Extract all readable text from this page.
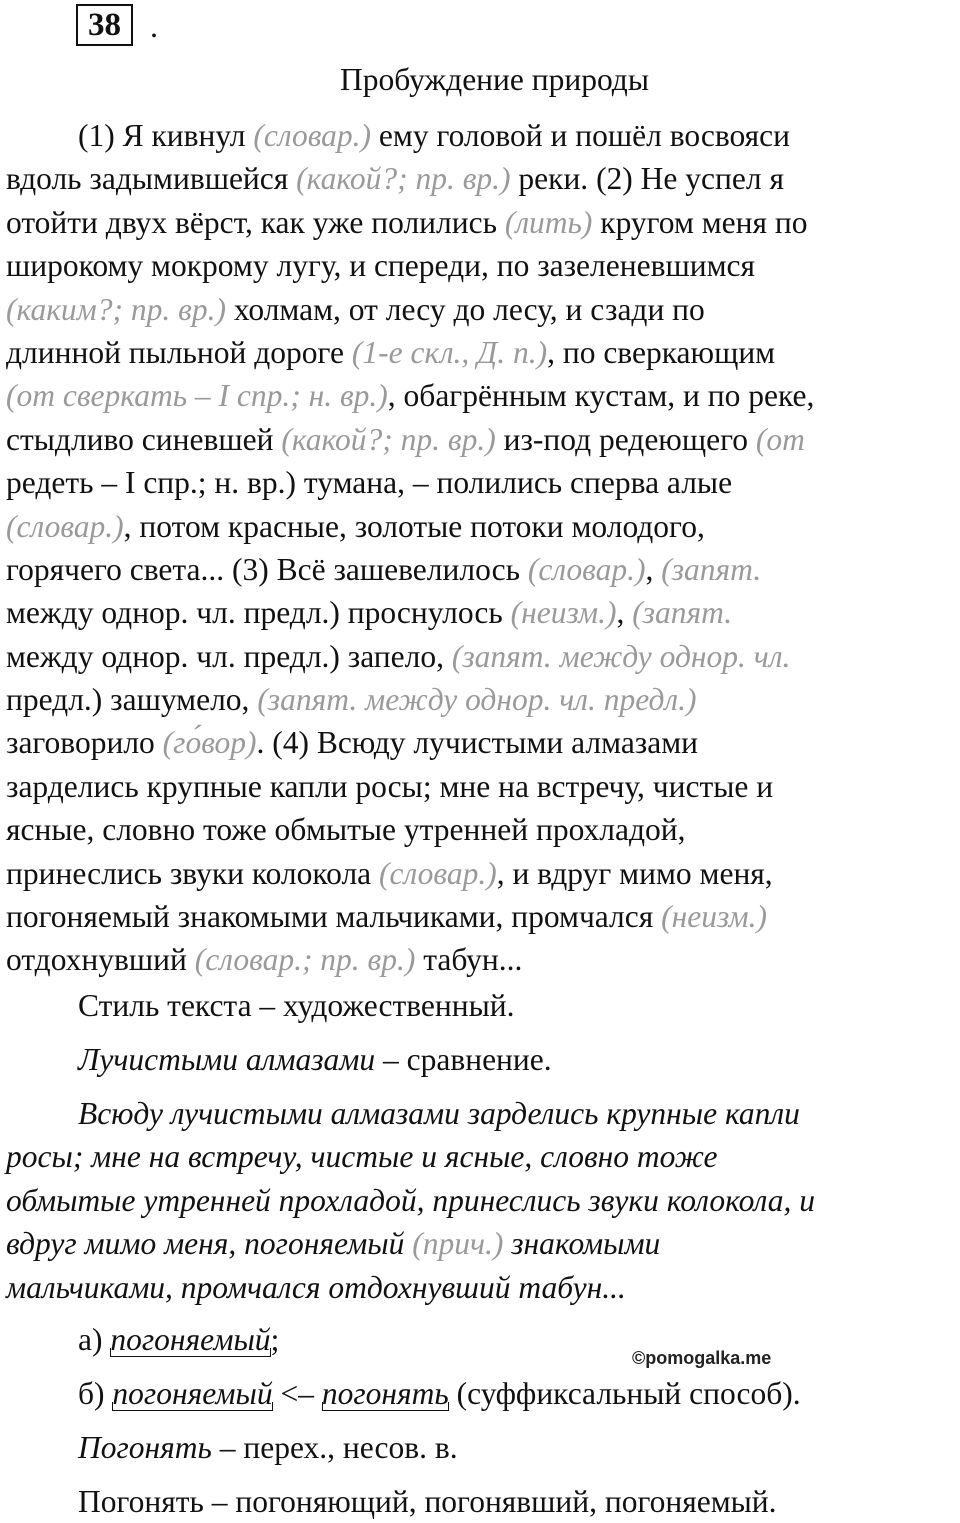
38 .
Пробуждение природы
(1) Я кивнул (словар.) ему головой и пошёл восвояси
вдоль задымившейся (какой?; пр. вр.) реки. (2) Не успел я
отойти двух вёрст, как уже полились (лить) кругом меня по
широкому мокрому лугу, и спереди, по зазеленевшимся
(каким?; пр. вр.) холмам, от лесу до лесу, и сзади по
длинной пыльной дороге (1-е скл., Д. п.), по сверкающим
(от сверкать – I спр.; н. вр.), обагрённым кустам, и по реке,
стыдливо синевшей (какой?; пр. вр.) из-под редеющего (от
редеть – I спр.; н. вр.) тумана, – полились сперва алые
(словар.), потом красные, золотые потоки молодого,
горячего света... (3) Всё зашевелилось (словар.), (запят.
между однор. чл. предл.) проснулось (неизм.), (запят.
между однор. чл. предл.) запело, (запят. между однор. чл.
предл.) зашумело, (запят. между однор. чл. предл.)
заговорило (го́вор). (4) Всюду лучистыми алмазами
зарделись крупные капли росы; мне на встречу, чистые и
ясные, словно тоже обмытые утренней прохладой,
принеслись звуки колокола (словар.), и вдруг мимо меня,
погоняемый знакомыми мальчиками, промчался (неизм.)
отдохнувший (словар.; пр. вр.) табун...
Стиль текста – художественный.
Лучистыми алмазами – сравнение.
Всюду лучистыми алмазами зарделись крупные капли
росы; мне на встречу, чистые и ясные, словно тоже
обмытые утренней прохладой, принеслись звуки колокола, и
вдруг мимо меня, погоняемый (прич.) знакомыми
мальчиками, промчался отдохнувший табун...
а) погоняемый;
©pomogalka.me
б) погоняемый <– погонять (суффиксальный способ).
Погонять – перех., несов. в.
Погонять – погоняющий, погонявший, погоняемый.
